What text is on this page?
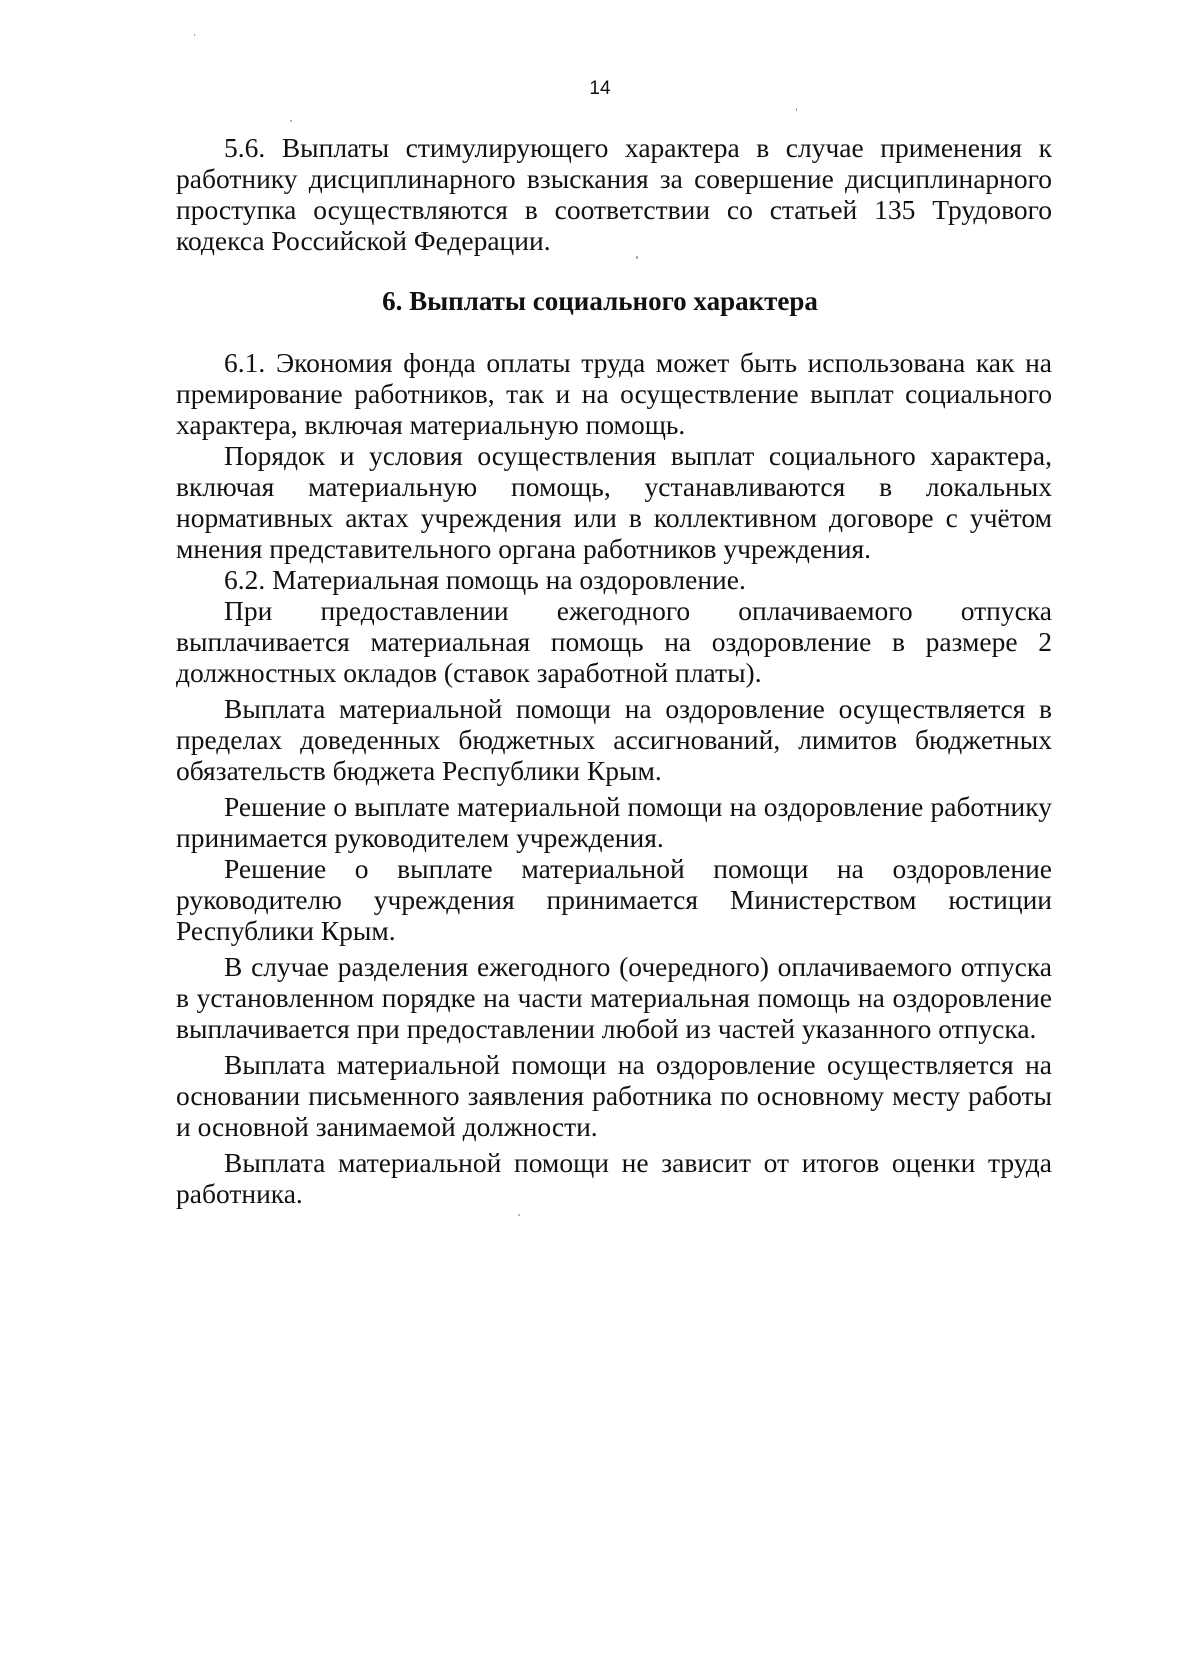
14

5.6. Выплаты стимулирующего характера в случае применения к работнику дисциплинарного взыскания за совершение дисциплинарного проступка осуществляются в соответствии со статьей 135 Трудового кодекса Российской Федерации.

6. Выплаты социального характера

6.1. Экономия фонда оплаты труда может быть использована как на премирование работников, так и на осуществление выплат социального характера, включая материальную помощь.

Порядок и условия осуществления выплат социального характера, включая материальную помощь, устанавливаются в локальных нормативных актах учреждения или в коллективном договоре с учётом мнения представительного органа работников учреждения.

6.2. Материальная помощь на оздоровление.

При предоставлении ежегодного оплачиваемого отпуска выплачивается материальная помощь на оздоровление в размере 2 должностных окладов (ставок заработной платы).

Выплата материальной помощи на оздоровление осуществляется в пределах доведенных бюджетных ассигнований, лимитов бюджетных обязательств бюджета Республики Крым.

Решение о выплате материальной помощи на оздоровление работнику принимается руководителем учреждения.

Решение о выплате материальной помощи на оздоровление руководителю учреждения принимается Министерством юстиции Республики Крым.

В случае разделения ежегодного (очередного) оплачиваемого отпуска в установленном порядке на части материальная помощь на оздоровление выплачивается при предоставлении любой из частей указанного отпуска.

Выплата материальной помощи на оздоровление осуществляется на основании письменного заявления работника по основному месту работы и основной занимаемой должности.

Выплата материальной помощи не зависит от итогов оценки труда работника.
